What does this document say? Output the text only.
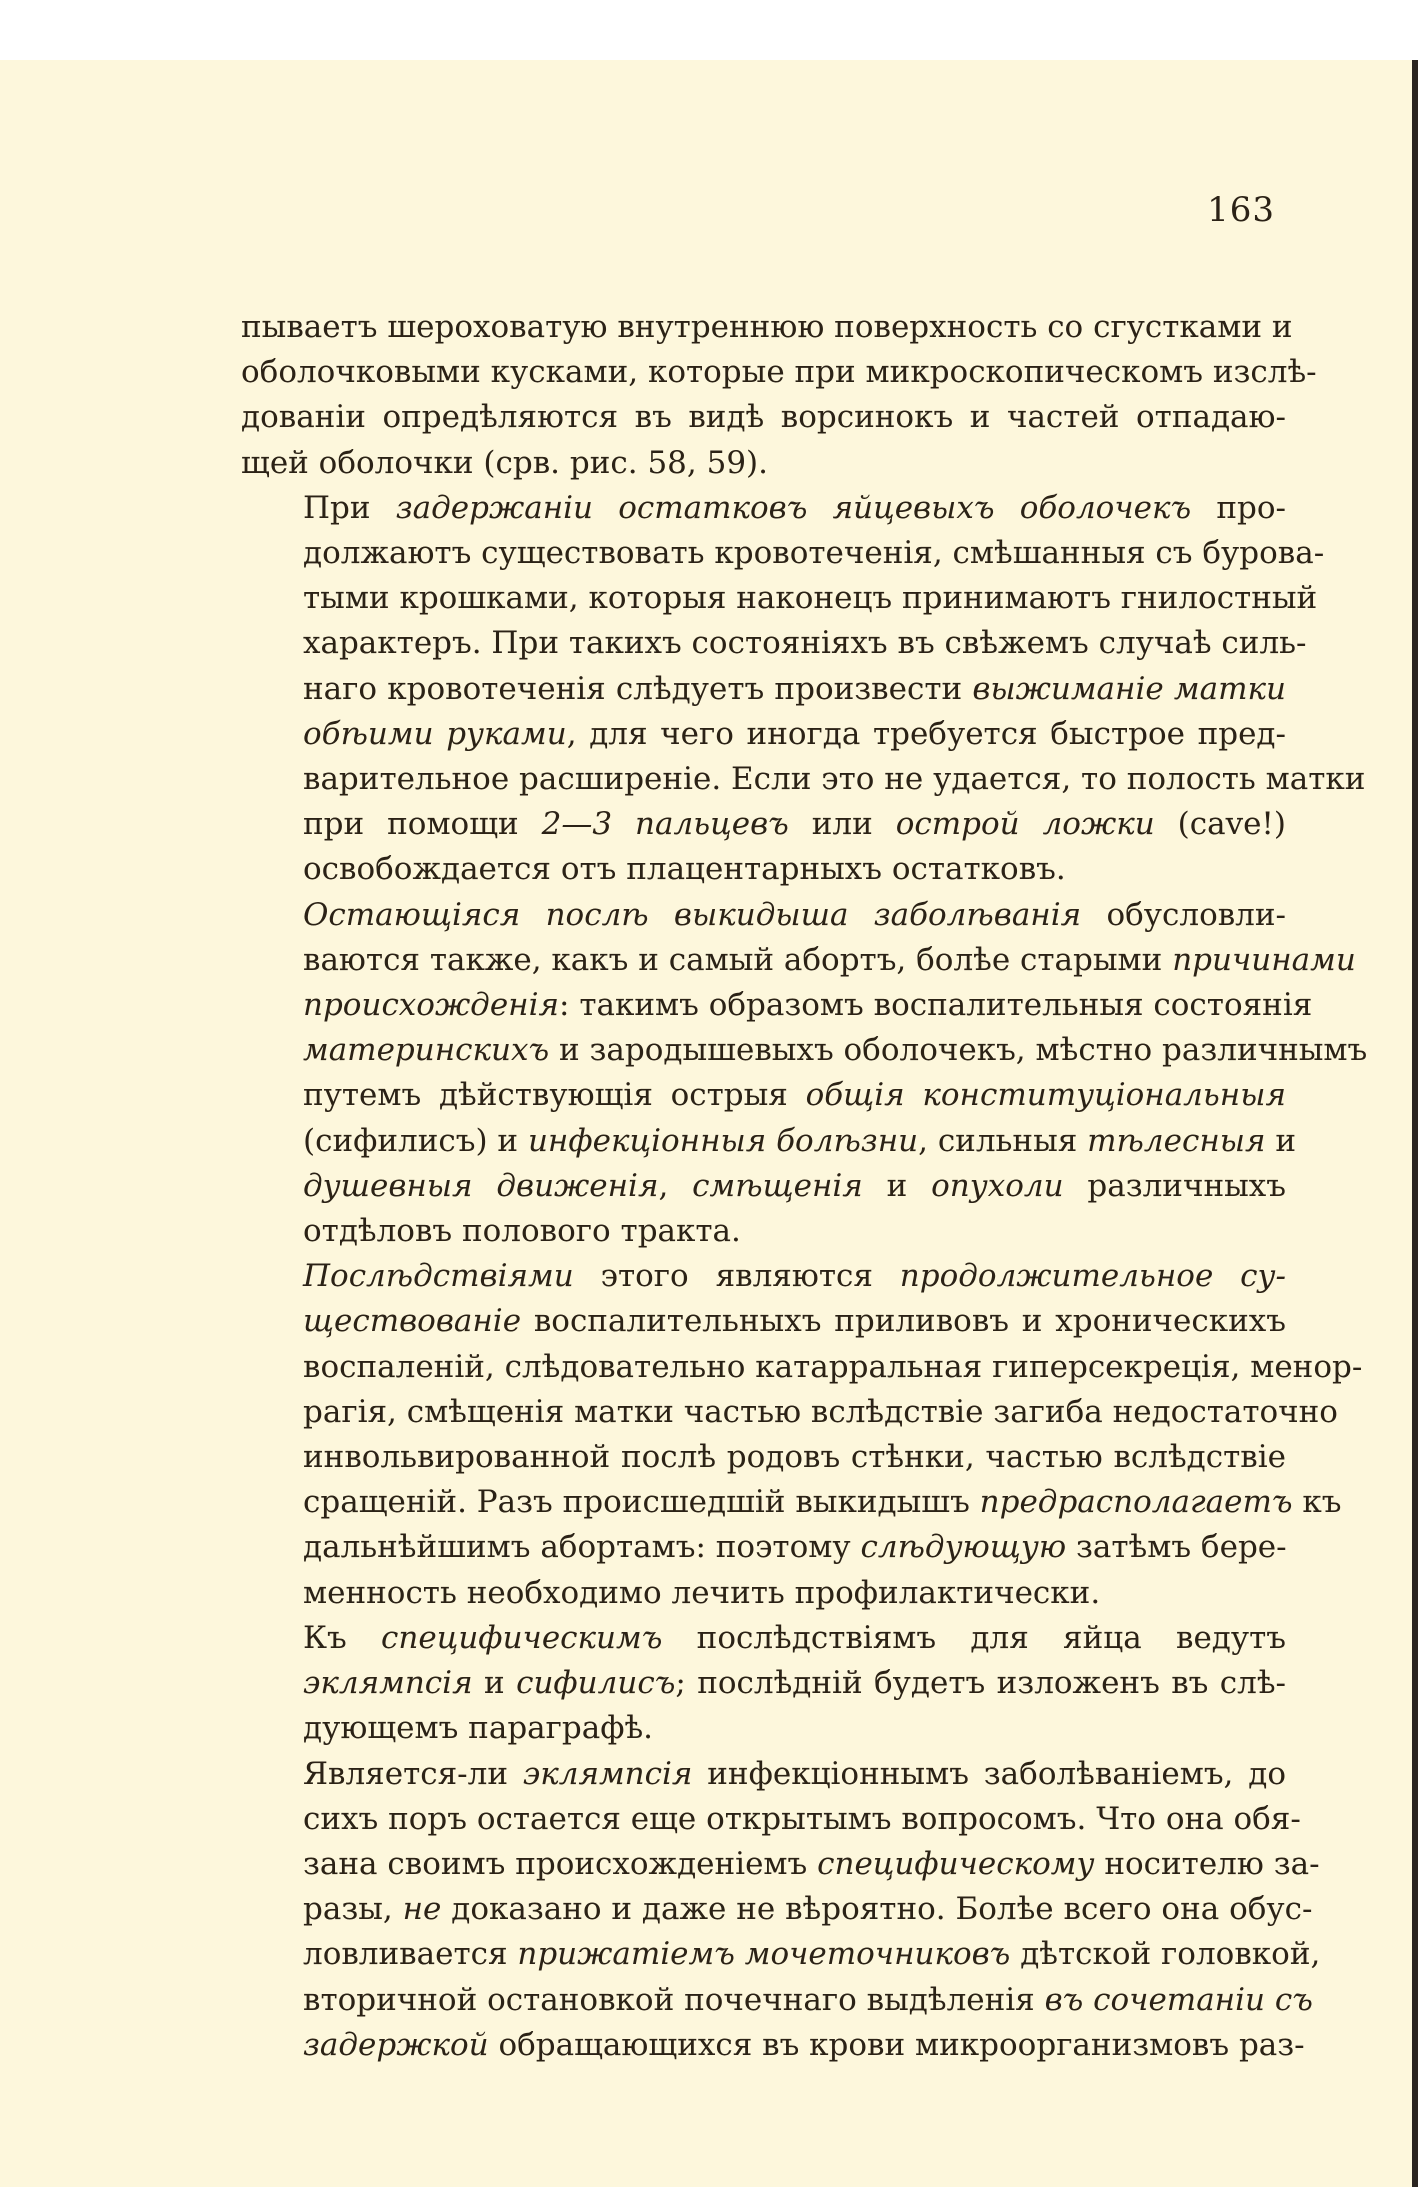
163

пываетъ шероховатую внутреннюю поверхность со сгустками и
оболочковыми кусками, которые при микроскопическомъ изслѣ-
дованіи опредѣляются въ видѣ ворсинокъ и частей отпадаю-
щей оболочки (срв. рис. 58, 59).

При задержаніи остатковъ яйцевыхъ оболочекъ про-
должаютъ существовать кровотеченія, смѣшанныя съ бурова-
тыми крошками, которыя наконецъ принимаютъ гнилостный
характеръ. При такихъ состояніяхъ въ свѣжемъ случаѣ силь-
наго кровотеченія слѣдуетъ произвести выжиманіе матки
обѣими руками, для чего иногда требуется быстрое пред-
варительное расширеніе. Если это не удается, то полость матки
при помощи 2—3 пальцевъ или острой ложки (cave!)
освобождается отъ плацентарныхъ остатковъ.

Остающіяся послѣ выкидыша заболѣванія обусловли-
ваются также, какъ и самый абортъ, болѣе старыми причинами
происхожденія: такимъ образомъ воспалительныя состоянія
материнскихъ и зародышевыхъ оболочекъ, мѣстно различнымъ
путемъ дѣйствующія острыя общія конституціональныя
(сифилисъ) и инфекціонныя болѣзни, сильныя тѣлесныя и
душевныя движенія, смѣщенія и опухоли различныхъ
отдѣловъ полового тракта.

Послѣдствіями этого являются продолжительное су-
ществованіе воспалительныхъ приливовъ и хроническихъ
воспаленій, слѣдовательно катарральная гиперсекреція, менор-
рагія, смѣщенія матки частью вслѣдствіе загиба недостаточно
инвольвированной послѣ родовъ стѣнки, частью вслѣдствіе
сращеній. Разъ происшедшій выкидышъ предрасполагаетъ къ
дальнѣйшимъ абортамъ: поэтому слѣдующую затѣмъ бере-
менность необходимо лечить профилактически.

Къ специфическимъ послѣдствіямъ для яйца ведутъ
эклямпсія и сифилисъ; послѣдній будетъ изложенъ въ слѣ-
дующемъ параграфѣ.

Является-ли эклямпсія инфекціоннымъ заболѣваніемъ, до
сихъ поръ остается еще открытымъ вопросомъ. Что она обя-
зана своимъ происхожденіемъ специфическому носителю за-
разы, не доказано и даже не вѣроятно. Болѣе всего она обус-
ловливается прижатіемъ мочеточниковъ дѣтской головкой,
вторичной остановкой почечнаго выдѣленія въ сочетаніи съ
задержкой обращающихся въ крови микроорганизмовъ раз-
